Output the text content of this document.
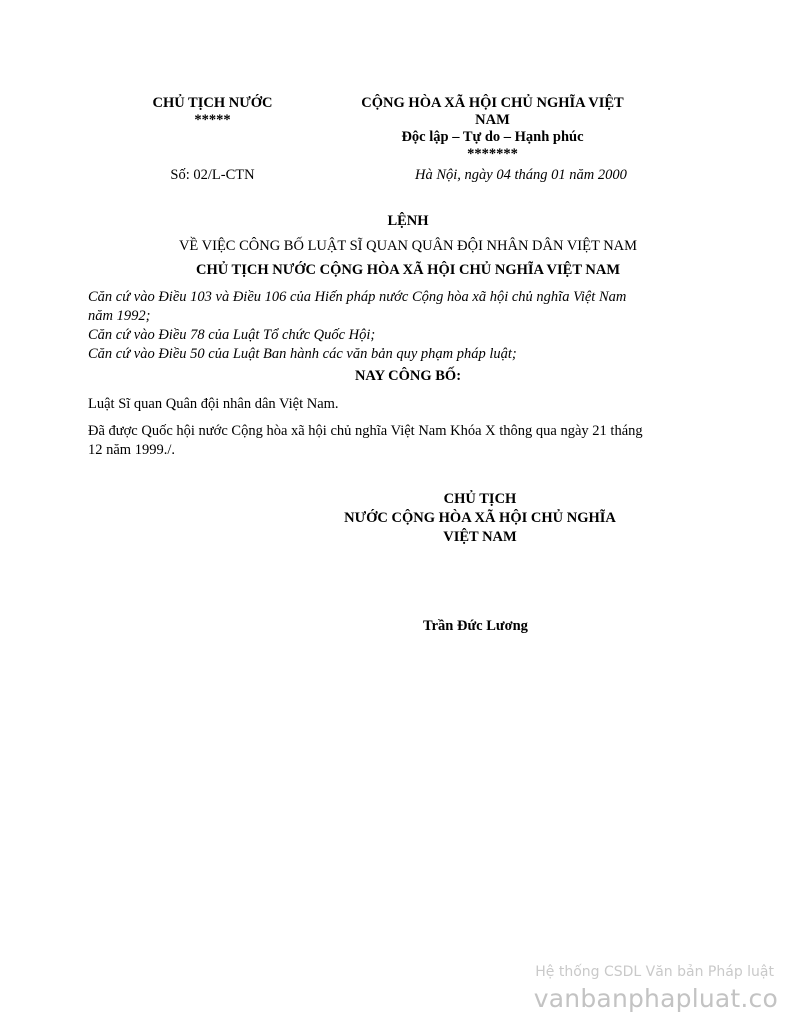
CHỦ TỊCH NƯỚC
*****
CỘNG HÒA XÃ HỘI CHỦ NGHĨA VIỆT
NAM
Độc lập – Tự do – Hạnh phúc
*******
Số: 02/L-CTN	Hà Nội, ngày 04 tháng 01 năm 2000
LỆNH
VỀ VIỆC CÔNG BỐ LUẬT SĨ QUAN QUÂN ĐỘI NHÂN DÂN VIỆT NAM
CHỦ TỊCH NƯỚC CỘNG HÒA XÃ HỘI CHỦ NGHĨA VIỆT NAM
Căn cứ vào Điều 103 và Điều 106 của Hiến pháp nước Cộng hòa xã hội chủ nghĩa Việt Nam
năm 1992;
Căn cứ vào Điều 78 của Luật Tổ chức Quốc Hội;
Căn cứ vào Điều 50 của Luật Ban hành các văn bản quy phạm pháp luật;
NAY CÔNG BỐ:
Luật Sĩ quan Quân đội nhân dân Việt Nam.
Đã được Quốc hội nước Cộng hòa xã hội chủ nghĩa Việt Nam Khóa X thông qua ngày 21 tháng
12 năm 1999./.
CHỦ TỊCH
NƯỚC CỘNG HÒA XÃ HỘI CHỦ NGHĨA
VIỆT NAM
Trần Đức Lương
Hệ thống CSDL Văn bản Pháp luật
vanbanphapluat.co
